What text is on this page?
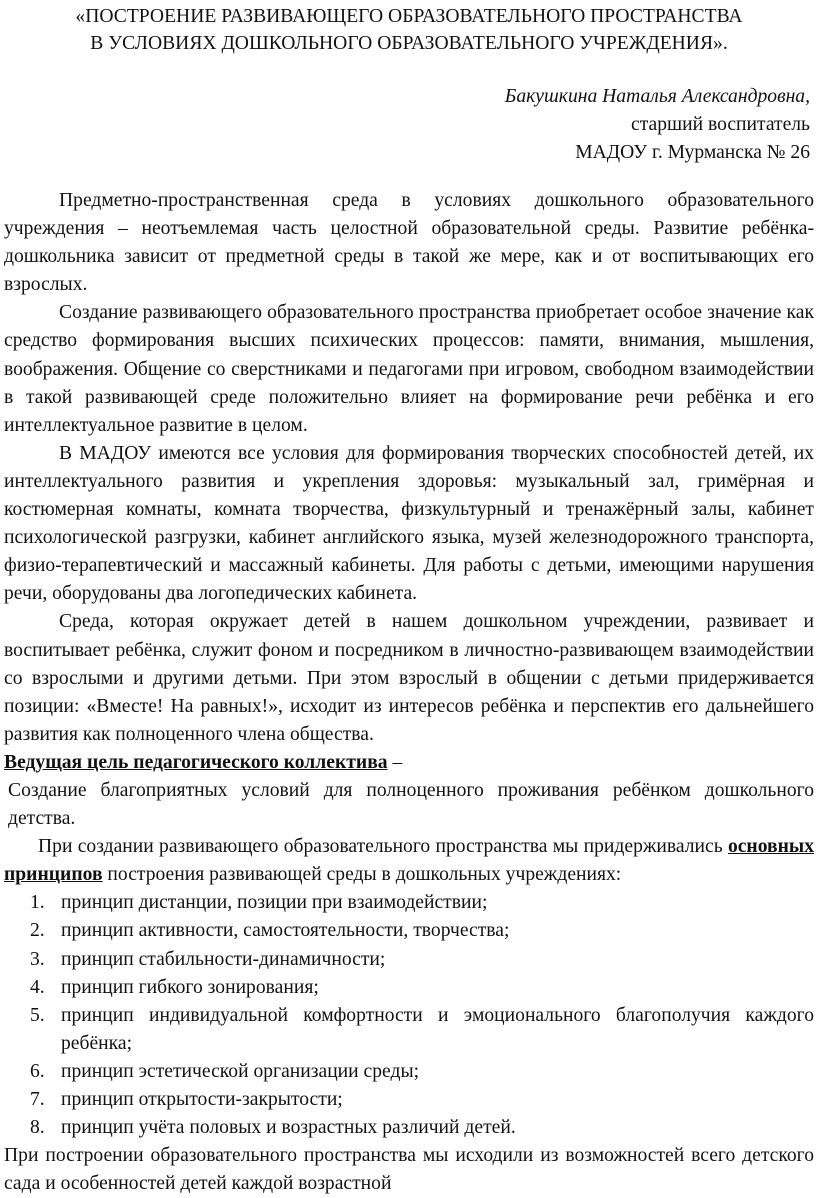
«ПОСТРОЕНИЕ РАЗВИВАЮЩЕГО ОБРАЗОВАТЕЛЬНОГО ПРОСТРАНСТВА
В УСЛОВИЯХ ДОШКОЛЬНОГО ОБРАЗОВАТЕЛЬНОГО УЧРЕЖДЕНИЯ».
Бакушкина Наталья Александровна,
старший воспитатель
МАДОУ г. Мурманска № 26

Предметно-пространственная среда в условиях дошкольного образовательного учреждения – неотъемлемая часть целостной образовательной среды. Развитие ребёнка-дошкольника зависит от предметной среды в такой же мере, как и от воспитывающих его взрослых.

Создание развивающего образовательного пространства приобретает особое значение как средство формирования высших психических процессов: памяти, внимания, мышления, воображения. Общение со сверстниками и педагогами при игровом, свободном взаимодействии в такой развивающей среде положительно влияет на формирование речи ребёнка и его интеллектуальное развитие в целом.

В МАДОУ имеются все условия для формирования творческих способностей детей, их интеллектуального развития и укрепления здоровья: музыкальный зал, гримёрная и костюмерная комнаты, комната творчества, физкультурный и тренажёрный залы, кабинет психологической разгрузки, кабинет английского языка, музей железнодорожного транспорта, физио-терапевтический и массажный кабинеты. Для работы с детьми, имеющими нарушения речи, оборудованы два логопедических кабинета.

Среда, которая окружает детей в нашем дошкольном учреждении, развивает и воспитывает ребёнка, служит фоном и посредником в личностно-развивающем взаимодействии со взрослыми и другими детьми. При этом взрослый в общении с детьми придерживается позиции: «Вместе! На равных!», исходит из интересов ребёнка и перспектив его дальнейшего развития как полноценного члена общества.

Ведущая цель педагогического коллектива –

Создание благоприятных условий для полноценного проживания ребёнком дошкольного детства.

При создании развивающего образовательного пространства мы придерживались основных принципов построения развивающей среды в дошкольных учреждениях:

1. принцип дистанции, позиции при взаимодействии;
2. принцип активности, самостоятельности, творчества;
3. принцип стабильности-динамичности;
4. принцип гибкого зонирования;
5. принцип индивидуальной комфортности и эмоционального благополучия каждого ребёнка;
6. принцип эстетической организации среды;
7. принцип открытости-закрытости;
8. принцип учёта половых и возрастных различий детей.

При построении образовательного пространства мы исходили из возможностей всего детского сада и особенностей детей каждой возрастной
